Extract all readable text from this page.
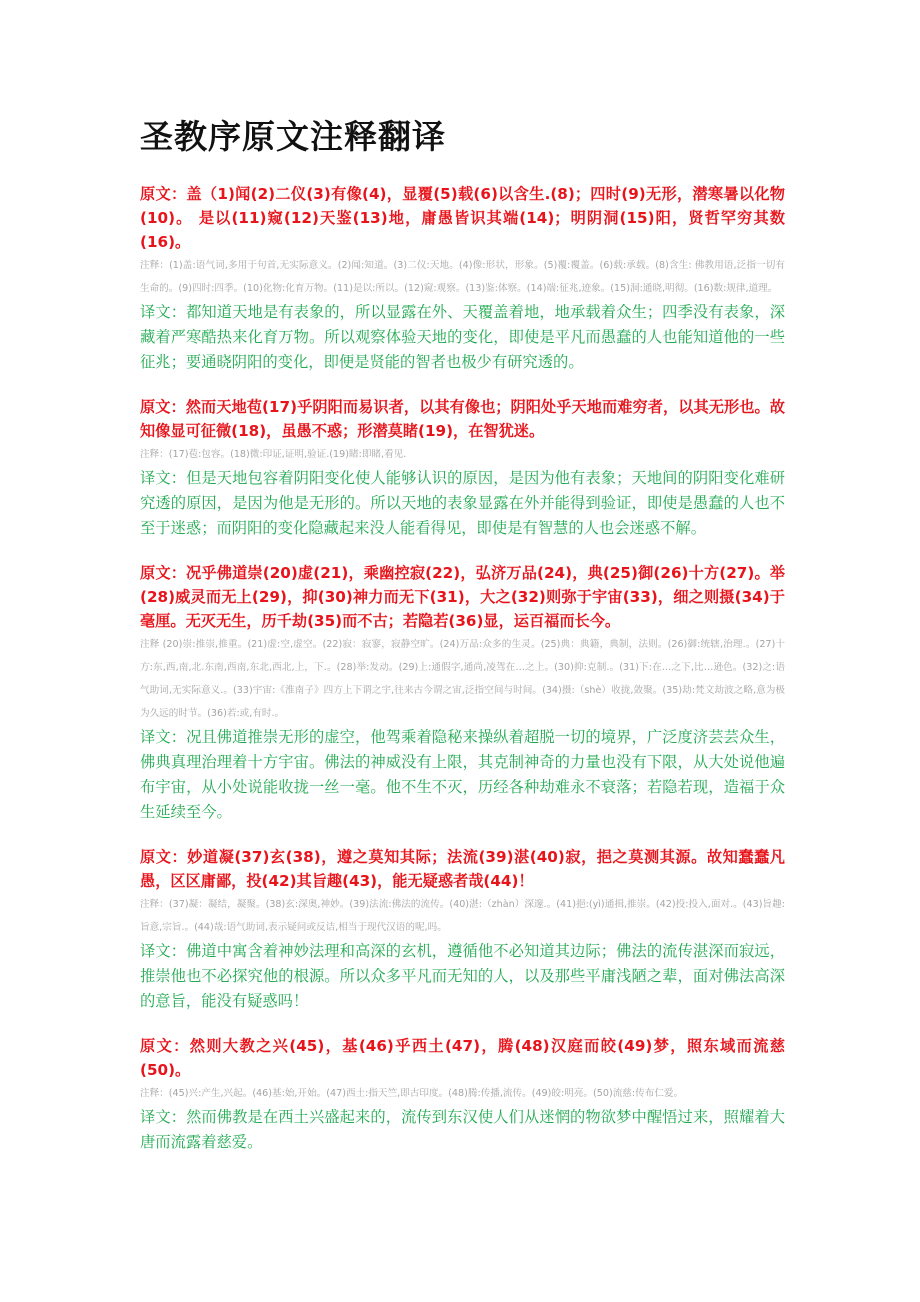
圣教序原文注释翻译

原文：盖（1)闻(2)二仪(3)有像(4)，显覆(5)载(6)以含生.(8)；四时(9)无形，潜寒暑以化物(10)。 是以(11)窥(12)天鉴(13)地，庸愚皆识其端(14)；明阴洞(15)阳，贤哲罕穷其数(16)。

注释：(1)盖:语气词,多用于句首,无实际意义。(2)闻:知道。(3)二仪:天地。(4)像:形状，形象。(5)覆:覆盖。(6)载:承载。(8)含生: 佛教用语,泛指一切有生命的。(9)四时:四季。(10)化物:化育万物。(11)是以:所以。(12)窥:观察。(13)鉴:体察。(14)端:征兆,迹象。(15)洞:通晓,明彻。(16)数:规律,道理。

译文：都知道天地是有表象的，所以显露在外、天覆盖着地，地承载着众生；四季没有表象，深藏着严寒酷热来化育万物。所以观察体验天地的变化，即使是平凡而愚蠢的人也能知道他的一些征兆；要通晓阴阳的变化，即便是贤能的智者也极少有研究透的。

原文：然而天地苞(17)乎阴阳而易识者，以其有像也；阴阳处乎天地而难穷者，以其无形也。故知像显可征微(18)，虽愚不惑；形潜莫睹(19)，在智犹迷。

注释：(17)苞:包容。(18)微:印证,证明,验证.(19)睹:即睹,看见.

译文：但是天地包容着阴阳变化使人能够认识的原因，是因为他有表象；天地间的阴阳变化难研究透的原因，是因为他是无形的。所以天地的表象显露在外并能得到验证，即使是愚蠢的人也不至于迷惑；而阴阳的变化隐藏起来没人能看得见，即使是有智慧的人也会迷惑不解。

原文：况乎佛道崇(20)虚(21)，乘幽控寂(22)，弘济万品(24)，典(25)御(26)十方(27)。举(28)威灵而无上(29)，抑(30)神力而无下(31)，大之(32)则弥于宇宙(33)，细之则摄(34)于毫厘。无灭无生，历千劫(35)而不古；若隐若(36)显，运百福而长今。

注释 (20)崇:推崇,推重。(21)虚:空,虚空。(22)寂：寂寥，寂静空旷。(24)万品:众多的生灵。(25)典：典籍，典制，法则。(26)御:统辖,治理.。(27)十方:东,西,南,北.东南,西南,东北,西北,上，下.。(28)举:发动。(29)上:通假字,通尚,凌驾在…之上。(30)抑:克制.。(31)下:在…之下,比…逊色。(32)之:语气助词,无实际意义.。(33)宇宙:《淮南子》四方上下谓之宇,往来古今谓之宙,泛指空间与时间。(34)摄:（shè）收拢,敛聚。(35)劫:梵文劫波之略,意为极为久远的时节。(36)若:或,有时.。

译文：况且佛道推崇无形的虚空，他驾乘着隐秘来操纵着超脱一切的境界，广泛度济芸芸众生，佛典真理治理着十方宇宙。佛法的神威没有上限，其克制神奇的力量也没有下限，从大处说他遍布宇宙，从小处说能收拢一丝一毫。他不生不灭，历经各种劫难永不衰落；若隐若现，造福于众生延续至今。

原文：妙道凝(37)玄(38)，遵之莫知其际；法流(39)湛(40)寂，挹之莫测其源。故知蠢蠢凡愚，区区庸鄙，投(42)其旨趣(43)，能无疑惑者哉(44)！

注释：(37)凝：凝结，凝聚。(38)玄:深奥,神妙。(39)法流:佛法的流传。(40)湛:（zhàn）深邃.。(41)挹:(yì)通揖,推崇。(42)投:投入,面对.。(43)旨趣:旨意,宗旨.。(44)哉:语气助词,表示疑问或反诘,相当于现代汉语的呢,吗。

译文：佛道中寓含着神妙法理和高深的玄机，遵循他不必知道其边际；佛法的流传湛深而寂远，推崇他也不必探究他的根源。所以众多平凡而无知的人，以及那些平庸浅陋之辈，面对佛法高深的意旨，能没有疑惑吗！

原文：然则大教之兴(45)，基(46)乎西土(47)，腾(48)汉庭而皎(49)梦，照东域而流慈(50)。

注释：(45)兴:产生,兴起。(46)基:始,开始。(47)西土:指天竺,即古印度。(48)腾:传播,流传。(49)皎:明亮。(50)流慈:传布仁爱。

译文：然而佛教是在西土兴盛起来的，流传到东汉使人们从迷惘的物欲梦中醒悟过来，照耀着大唐而流露着慈爱。
